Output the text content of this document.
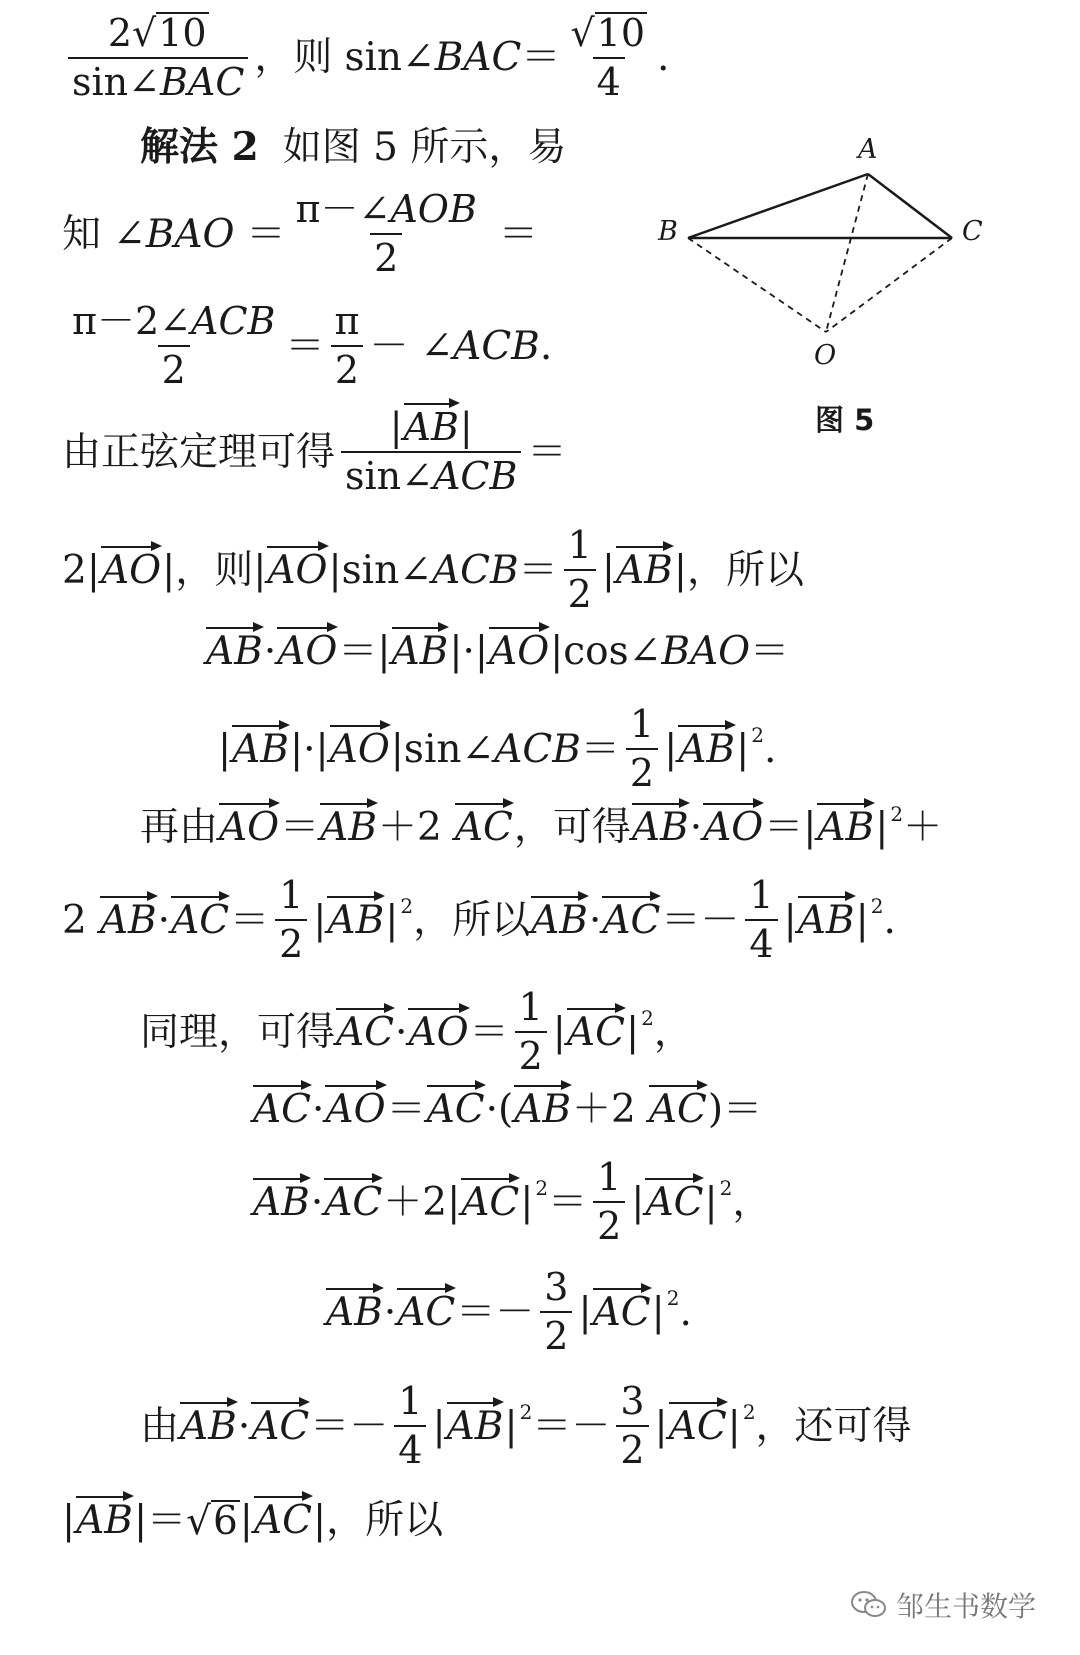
$\frac{2 √ 10}{\text{sin∠BAC}}$ ，则 sin∠ BAC ＝ $\frac{√ 10}{4}$ .
解法 2 如图 5 所示，易
知 ∠ BAO ＝ $\frac{\text{π－∠AOB}}{2}$ ＝
$\frac{\text{π－2∠ACB}}{2} = \frac{\pi}{2}$ － ∠ ACB .
A
B	C
O
图 5
由正弦定理可得 $\frac{|AB|}{\text{sin∠ACB}}$ ＝
2| AO | ，则 | AO |sin∠ ACB ＝ $\frac{1}{2}$ | AB | ，所以
AB · AO ＝| AB |·| AO |cos∠ BAO ＝
| AB |·| AO |sin∠ ACB ＝ $\frac{1}{2}$ | AB | 2 .
再由 AO ＝ AB ＋2 AC ，可得 AB · AO ＝| AB | 2 ＋
2 AB · AC ＝ $\frac{1}{2}$ | AB | 2 ，所以 AB · AC ＝－ $\frac{1}{4}$ | AB | 2 .
同理，可得 AC · AO ＝ $\frac{1}{2}$ | AC | 2 ，
AC · AO ＝ AC ·( AB ＋2 AC )＝
AB · AC ＋2| AC | $2 = \frac{1}{2}$ | AC | 2 ，
AB · AC ＝－ $\frac{3}{2}$ | AC | 2 .
由 AB · AC ＝－ $\frac{1}{4}$ | AB | $2 =- \frac{3}{2}$ | AC | 2 ，还可得
| AB |＝ √ 6 | AC | ，所以
邹生书数学
